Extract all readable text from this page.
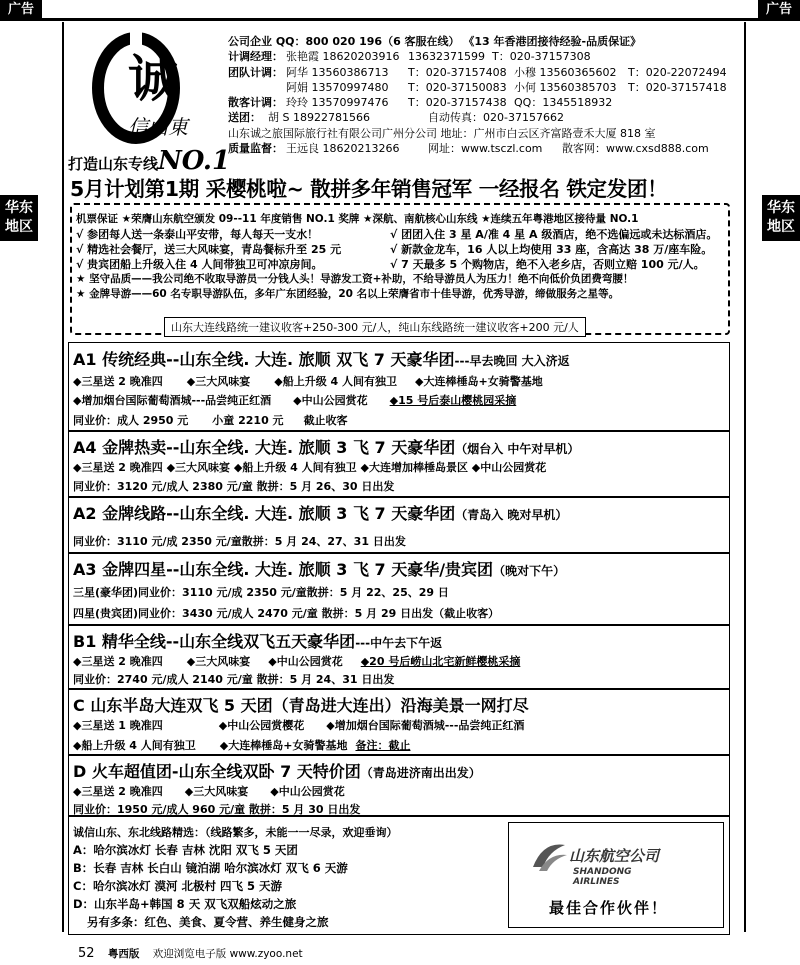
广告	广告
诚
信山東
打造山东专线NO.1
公司企业 QQ：800 020 196（6 客服在线） 《13 年香港团接待经验-品质保证》
计调经理： 张艳霞 18620203916 13632371599 T：020-37157308
团队计调： 阿华 13560386713 T：020-37157408 小穆 13560365602 T：020-22072494
阿娟 13570997480 T：020-37150083 小何 13560385703 T：020-37157418
散客计调： 玲玲 13570997476 T：020-37157438 QQ：1345518932
送团： 胡 S 18922781566	自动传真：020-37157662
山东诚之旅国际旅行社有限公司广州分公司 地址：广州市白云区齐富路壹禾大厦 818 室
质量监督： 王远良 18620213266	网址：www.tsczl.com 散客网：www.cxsd888.com
5月计划第1期 采樱桃啦~ 散拼多年销售冠军 一经报名 铁定发团！
华东
地区
华东
地区
机票保证 ★荣膺山东航空颁发 09--11 年度销售 NO.1 奖牌 ★深航、南航核心山东线 ★连续五年粤港地区接待量 NO.1
√ 参团每人送一条泰山平安带，每人每天一支水！	√ 团团入住 3 星 A/准 4 星 A 级酒店，绝不选偏远或未达标酒店。
√ 精选社会餐厅，送三大风味宴，青岛餐标升至 25 元	√ 新款金龙车，16 人以上均使用 33 座，含高达 38 万/座车险。
√ 贵宾团船上升级入住 4 人间带独卫可冲凉房间。	√ 7 天最多 5 个购物店，绝不入老乡店，否则立赔 100 元/人。
★ 坚守品质——我公司绝不收取导游员一分钱人头！导游发工资+补助，不给导游员人为压力！绝不向低价负团费弯腰！
★ 金牌导游——60 名专职导游队伍，多年广东团经验，20 名以上荣膺省市十佳导游，优秀导游，缔做服务之星等。
山东大连线路统一建议收客+250-300 元/人，纯山东线路统一建议收客+200 元/人
A1 传统经典--山东全线. 大连. 旅顺 双飞 7 天豪华团---早去晚回 大入济返
◆三星送 2 晚准四 ◆三大风味宴 ◆船上升级 4 人间有独卫 ◆大连棒棰岛+女骑警基地
◆增加烟台国际葡萄酒城---品尝纯正红酒 ◆中山公园赏花 ◆15 号后泰山樱桃园采摘
同业价：成人 2950 元 小童 2210 元 截止收客
A4 金牌热卖--山东全线. 大连. 旅顺 3 飞 7 天豪华团（烟台入 中午对早机）
◆三星送 2 晚准四 ◆三大风味宴 ◆船上升级 4 人间有独卫 ◆大连增加棒棰岛景区 ◆中山公园赏花
同业价：3120 元/成人 2380 元/童 散拼：5 月 26、30 日出发
A2 金牌线路--山东全线. 大连. 旅顺 3 飞 7 天豪华团（青岛入 晚对早机）
同业价：3110 元/成 2350 元/童散拼：5 月 24、27、31 日出发
A3 金牌四星--山东全线. 大连. 旅顺 3 飞 7 天豪华/贵宾团（晚对下午）
三星(豪华团)同业价：3110 元/成 2350 元/童散拼：5 月 22、25、29 日
四星(贵宾团)同业价：3430 元/成人 2470 元/童 散拼：5 月 29 日出发（截止收客）
B1 精华全线--山东全线双飞五天豪华团---中午去下午返
◆三星送 2 晚准四 ◆三大风味宴 ◆中山公园赏花 ◆20 号后崂山北宅新鲜樱桃采摘
同业价：2740 元/成人 2140 元/童 散拼：5 月 24、31 日出发
C 山东半岛大连双飞 5 天团（青岛进大连出）沿海美景一网打尽
◆三星送 1 晚准四	◆中山公园赏樱花 ◆增加烟台国际葡萄酒城---品尝纯正红酒
◆船上升级 4 人间有独卫 ◆大连棒棰岛+女骑警基地 备注：截止
D 火车超值团-山东全线双卧 7 天特价团（青岛进济南出出发）
◆三星送 2 晚准四 ◆三大风味宴 ◆中山公园赏花
同业价：1950 元/成人 960 元/童 散拼：5 月 30 日出发
诚信山东、东北线路精选：（线路繁多，未能一一尽录，欢迎垂询）
A：哈尔滨冰灯 长春 吉林 沈阳 双飞 5 天团
B：长春 吉林 长白山 镜泊湖 哈尔滨冰灯 双飞 6 天游
C：哈尔滨冰灯 漠河 北极村 四飞 5 天游
D：山东半岛+韩国 8 天 双飞双船炫动之旅
另有多条：红色、美食、夏令营、养生健身之旅
山东航空公司
SHANDONG
AIRLINES
最佳合作伙伴！
52 粤西版 欢迎浏览电子版 www.zyoo.net
